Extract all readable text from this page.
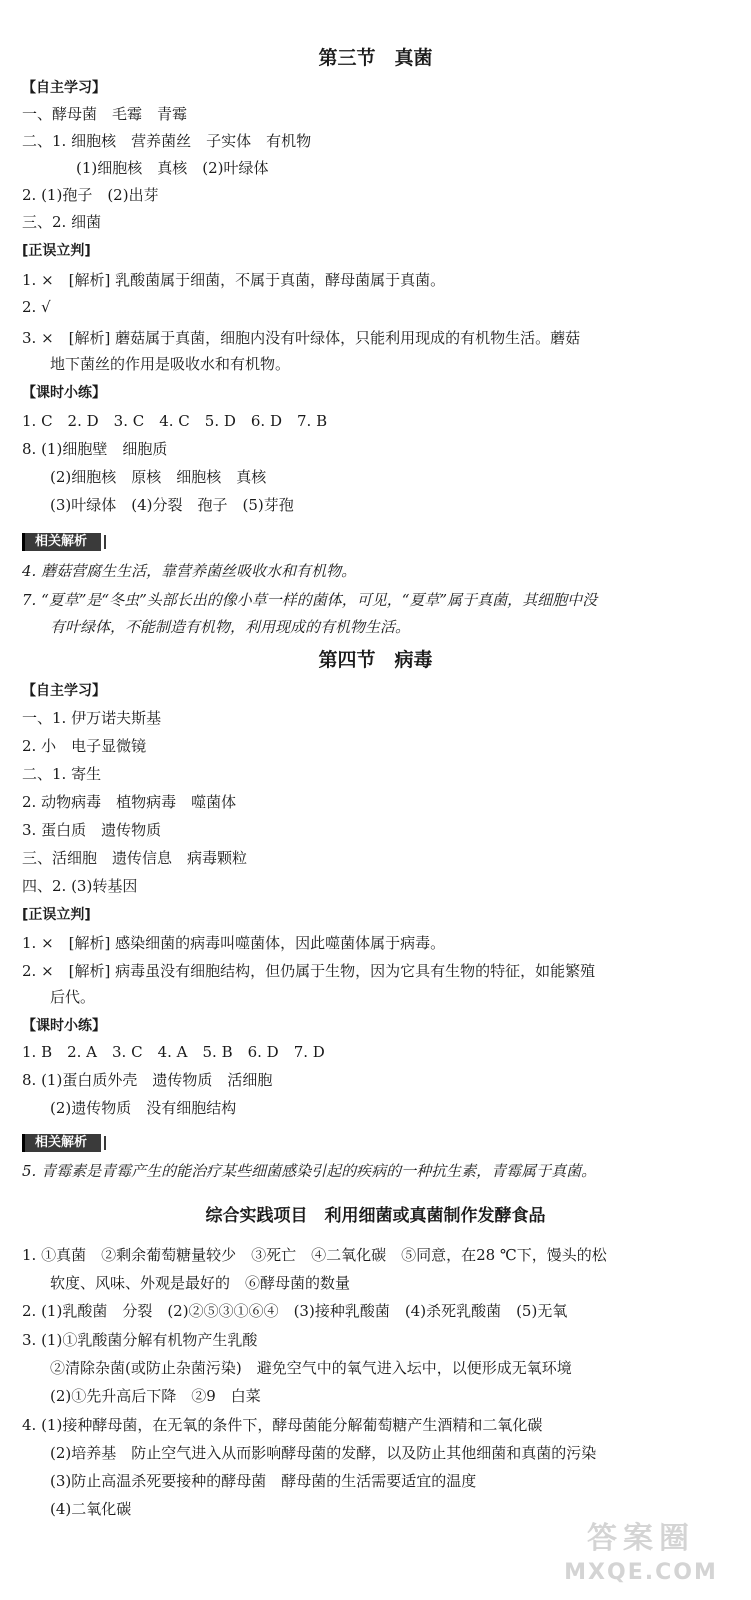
第三节　真菌
【自主学习】
一、酵母菌　毛霉　青霉
二、1. 细胞核　营养菌丝　子实体　有机物
(1)细胞核　真核　(2)叶绿体
2. (1)孢子　(2)出芽
三、2. 细菌
[正误立判]
1. ×　[解析] 乳酸菌属于细菌，不属于真菌，酵母菌属于真菌。
2. √
3. ×　[解析] 蘑菇属于真菌，细胞内没有叶绿体，只能利用现成的有机物生活。蘑菇
地下菌丝的作用是吸收水和有机物。
【课时小练】
1. C　2. D　3. C　4. C　5. D　6. D　7. B
8. (1)细胞壁　细胞质
(2)细胞核　原核　细胞核　真核
(3)叶绿体　(4)分裂　孢子　(5)芽孢
相关解析
4. 蘑菇营腐生生活，靠营养菌丝吸收水和有机物。
7. “夏草”是“冬虫”头部长出的像小草一样的菌体，可见，“夏草”属于真菌，其细胞中没
有叶绿体，不能制造有机物，利用现成的有机物生活。
第四节　病毒
【自主学习】
一、1. 伊万诺夫斯基
2. 小　电子显微镜
二、1. 寄生
2. 动物病毒　植物病毒　噬菌体
3. 蛋白质　遗传物质
三、活细胞　遗传信息　病毒颗粒
四、2. (3)转基因
[正误立判]
1. ×　[解析] 感染细菌的病毒叫噬菌体，因此噬菌体属于病毒。
2. ×　[解析] 病毒虽没有细胞结构，但仍属于生物，因为它具有生物的特征，如能繁殖
后代。
【课时小练】
1. B　2. A　3. C　4. A　5. B　6. D　7. D
8. (1)蛋白质外壳　遗传物质　活细胞
(2)遗传物质　没有细胞结构
相关解析
5. 青霉素是青霉产生的能治疗某些细菌感染引起的疾病的一种抗生素，青霉属于真菌。
综合实践项目　利用细菌或真菌制作发酵食品
1. ①真菌　②剩余葡萄糖量较少　③死亡　④二氧化碳　⑤同意，在28 ℃下，馒头的松
软度、风味、外观是最好的　⑥酵母菌的数量
2. (1)乳酸菌　分裂　(2)②⑤③①⑥④　(3)接种乳酸菌　(4)杀死乳酸菌　(5)无氧
3. (1)①乳酸菌分解有机物产生乳酸
②清除杂菌(或防止杂菌污染)　避免空气中的氧气进入坛中，以便形成无氧环境
(2)①先升高后下降　②9　白菜
4. (1)接种酵母菌，在无氧的条件下，酵母菌能分解葡萄糖产生酒精和二氧化碳
(2)培养基　防止空气进入从而影响酵母菌的发酵，以及防止其他细菌和真菌的污染
(3)防止高温杀死要接种的酵母菌　酵母菌的生活需要适宜的温度
(4)二氧化碳
答案圈
MXQE.COM
